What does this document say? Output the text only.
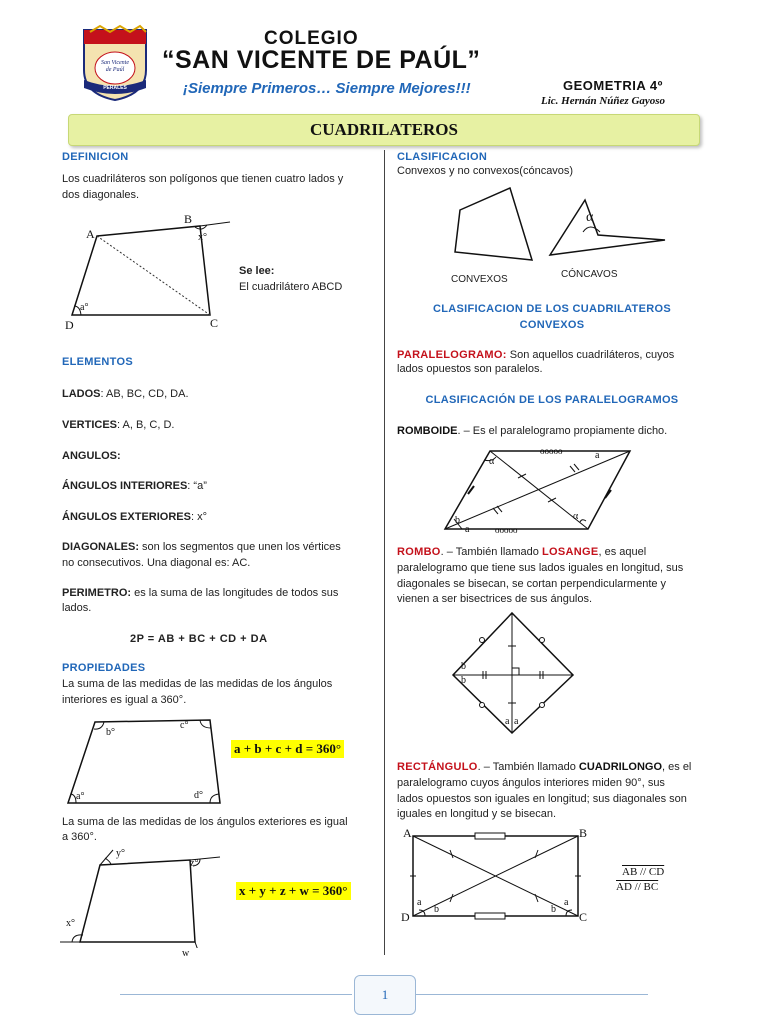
San Vicente de Paúl
PERALES
COLEGIO
“SAN VICENTE DE PAÚL”
¡Siempre Primeros… Siempre Mejores!!!	GEOMETRIA 4º
Lic. Hernán Núñez Gayoso
CUADRILATEROS
DEFINICION
Los cuadriláteros son polígonos que tienen cuatro lados y
dos diagonales.
A
B
C
D
x°
a°
Se lee:
El cuadrilátero ABCD
ELEMENTOS
LADOS: AB, BC, CD, DA.
VERTICES: A, B, C, D.
ANGULOS:
ÁNGULOS INTERIORES: “a”
ÁNGULOS EXTERIORES: x°
DIAGONALES: son los segmentos que unen los vértices
no consecutivos. Una diagonal es: AC.
PERIMETRO: es la suma de las longitudes de todos sus
lados.
2P = AB + BC + CD + DA
PROPIEDADES
La suma de las medidas de las medidas de los ángulos
interiores es igual a 360°.
b°
c°
a°	d°
a + b + c + d = 360°
La suma de las medidas de los ángulos exteriores es igual
a 360°.
y°
z°
x°
w
x + y + z + w = 360°
CLASIFICACION
Convexos y no convexos(cóncavos)
CONVEXOS	CÓNCAVOS
α
CLASIFICACION DE LOS CUADRILATEROS
CONVEXOS
PARALELOGRAMO: Son aquellos cuadriláteros, cuyos
lados opuestos son paralelos.
CLASIFICACIÓN DE LOS PARALELOGRAMOS
ROMBOIDE. – Es el paralelogramo propiamente dicho.
ooooo
ooooo
α
a
b
a
α
ROMBO. – También llamado LOSANGE, es aquel
paralelogramo que tiene sus lados iguales en longitud, sus
diagonales se bisecan, se cortan perpendicularmente y
vienen a ser bisectrices de sus ángulos.
b
b
a a
RECTÁNGULO. – También llamado CUADRILONGO, es el
paralelogramo cuyos ángulos interiores miden 90°, sus
lados opuestos son iguales en longitud; sus diagonales son
iguales en longitud y se bisecan.
A	B
C
D
a
b	b
a
AB // CD
AD // BC
1
